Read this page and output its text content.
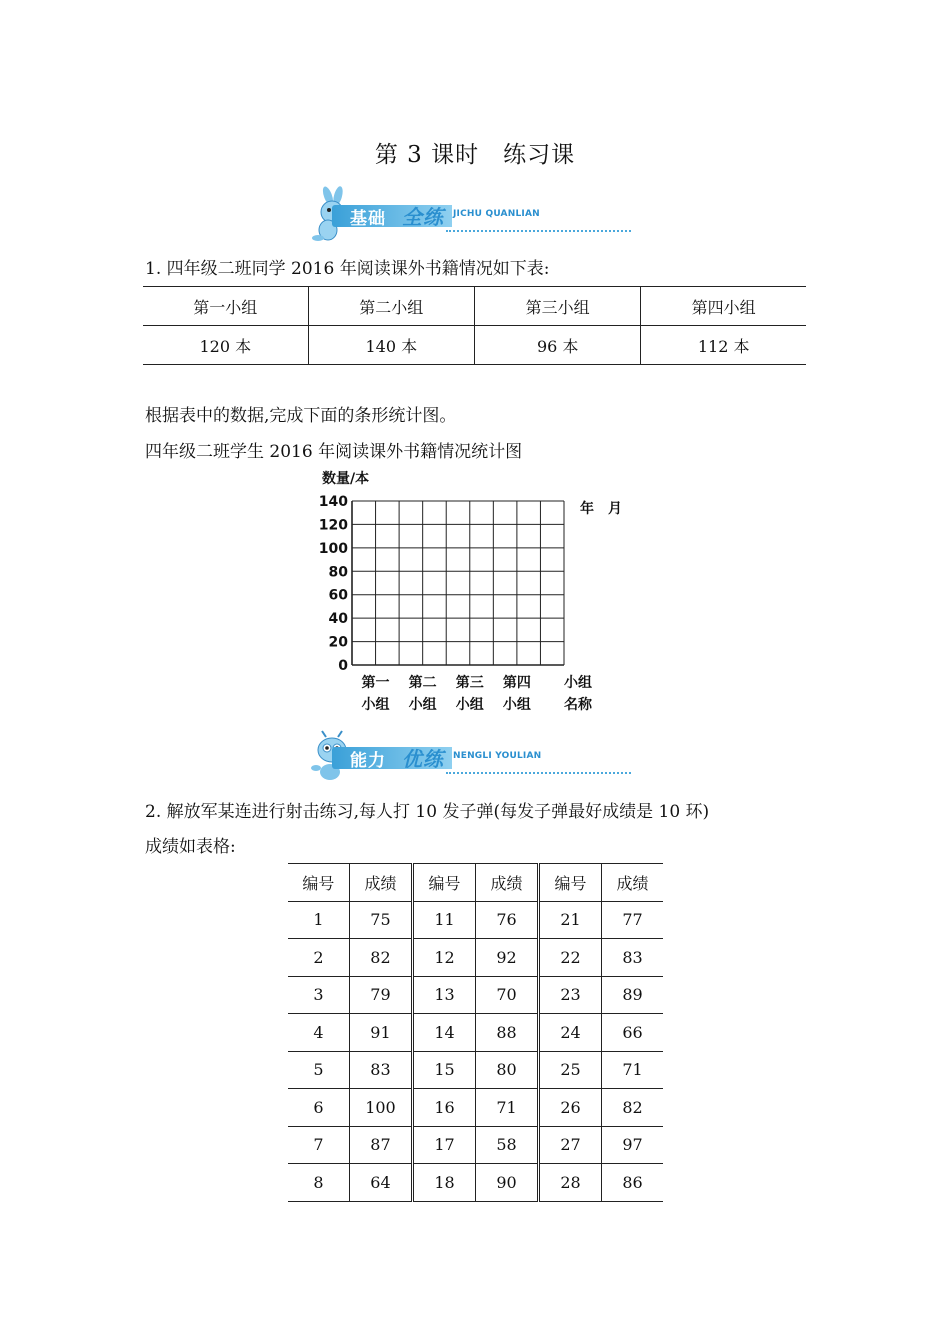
第 3 课时　练习课
基础 全练 JICHU QUANLIAN
1. 四年级二班同学 2016 年阅读课外书籍情况如下表:
第一小组	第二小组	第三小组	第四小组
120 本	140 本	96 本	112 本
根据表中的数据,完成下面的条形统计图。
四年级二班学生 2016 年阅读课外书籍情况统计图
0
20
40
60
80
100
120
140
数量/本
年　月
第一
小组
第二
小组
第三
小组
第四
小组
小组
名称
能力 优练 NENGLI YOULIAN
2. 解放军某连进行射击练习,每人打 10 发子弹(每发子弹最好成绩是 10 环)
成绩如表格:
编号	成绩	编号	成绩	编号	成绩
1	75	11	76	21	77
2	82	12	92	22	83
3	79	13	70	23	89
4	91	14	88	24	66
5	83	15	80	25	71
6	100	16	71	26	82
7	87	17	58	27	97
8	64	18	90	28	86
